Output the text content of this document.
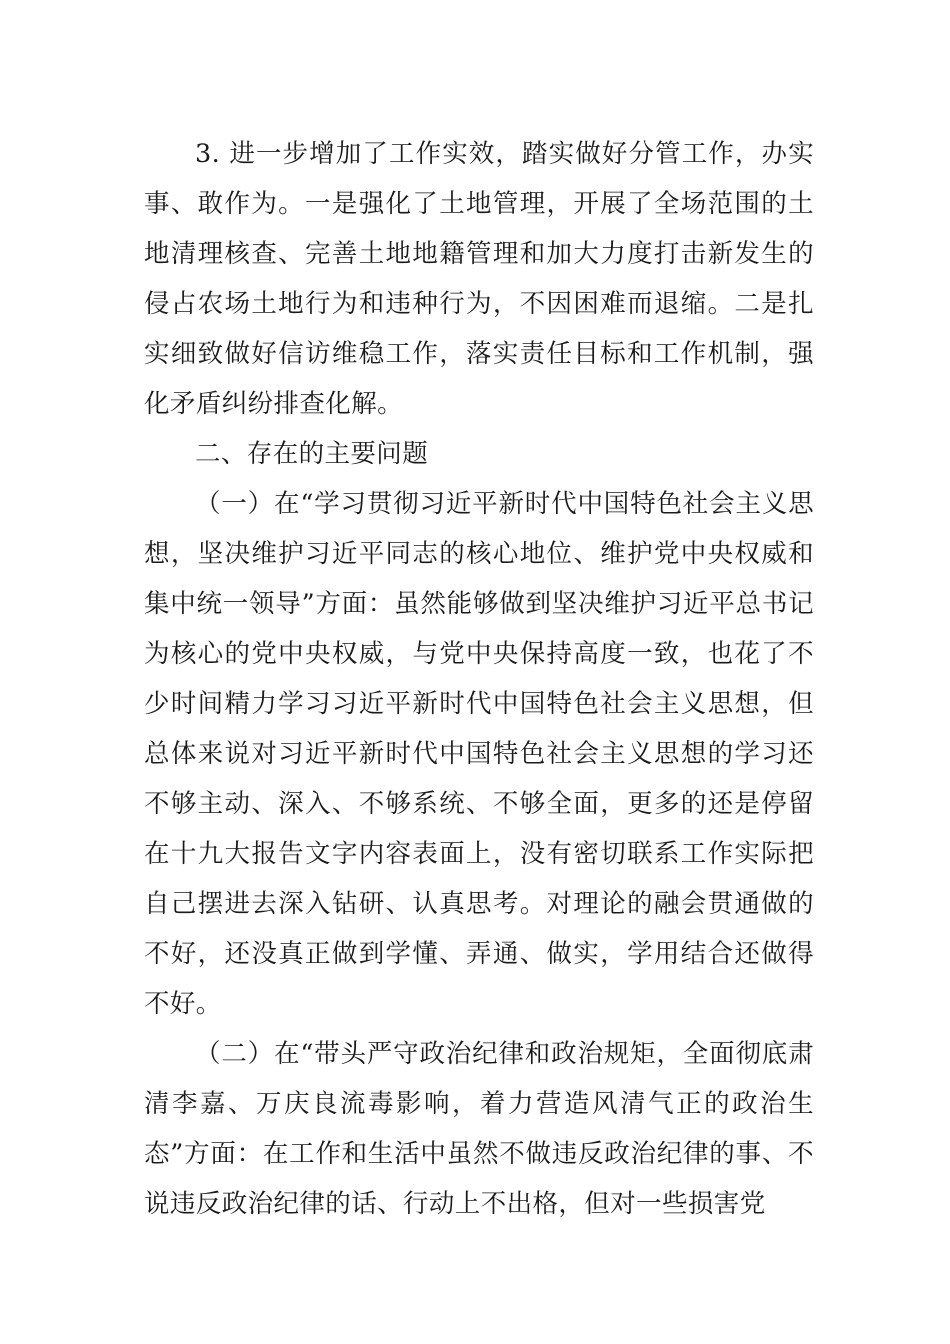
3. 进一步增加了工作实效，踏实做好分管工作，办实事、敢作为。一是强化了土地管理，开展了全场范围的土地清理核查、完善土地地籍管理和加大力度打击新发生的侵占农场土地行为和违种行为，不因困难而退缩。二是扎实细致做好信访维稳工作，落实责任目标和工作机制，强化矛盾纠纷排查化解。

二、存在的主要问题

（一）在“学习贯彻习近平新时代中国特色社会主义思想，坚决维护习近平同志的核心地位、维护党中央权威和集中统一领导”方面：虽然能够做到坚决维护习近平总书记为核心的党中央权威，与党中央保持高度一致，也花了不少时间精力学习习近平新时代中国特色社会主义思想，但总体来说对习近平新时代中国特色社会主义思想的学习还不够主动、深入、不够系统、不够全面，更多的还是停留在十九大报告文字内容表面上，没有密切联系工作实际把自己摆进去深入钻研、认真思考。对理论的融会贯通做的不好，还没真正做到学懂、弄通、做实，学用结合还做得不好。

（二）在“带头严守政治纪律和政治规矩，全面彻底肃清李嘉、万庆良流毒影响，着力营造风清气正的政治生态”方面：在工作和生活中虽然不做违反政治纪律的事、不说违反政治纪律的话、行动上不出格，但对一些损害党
